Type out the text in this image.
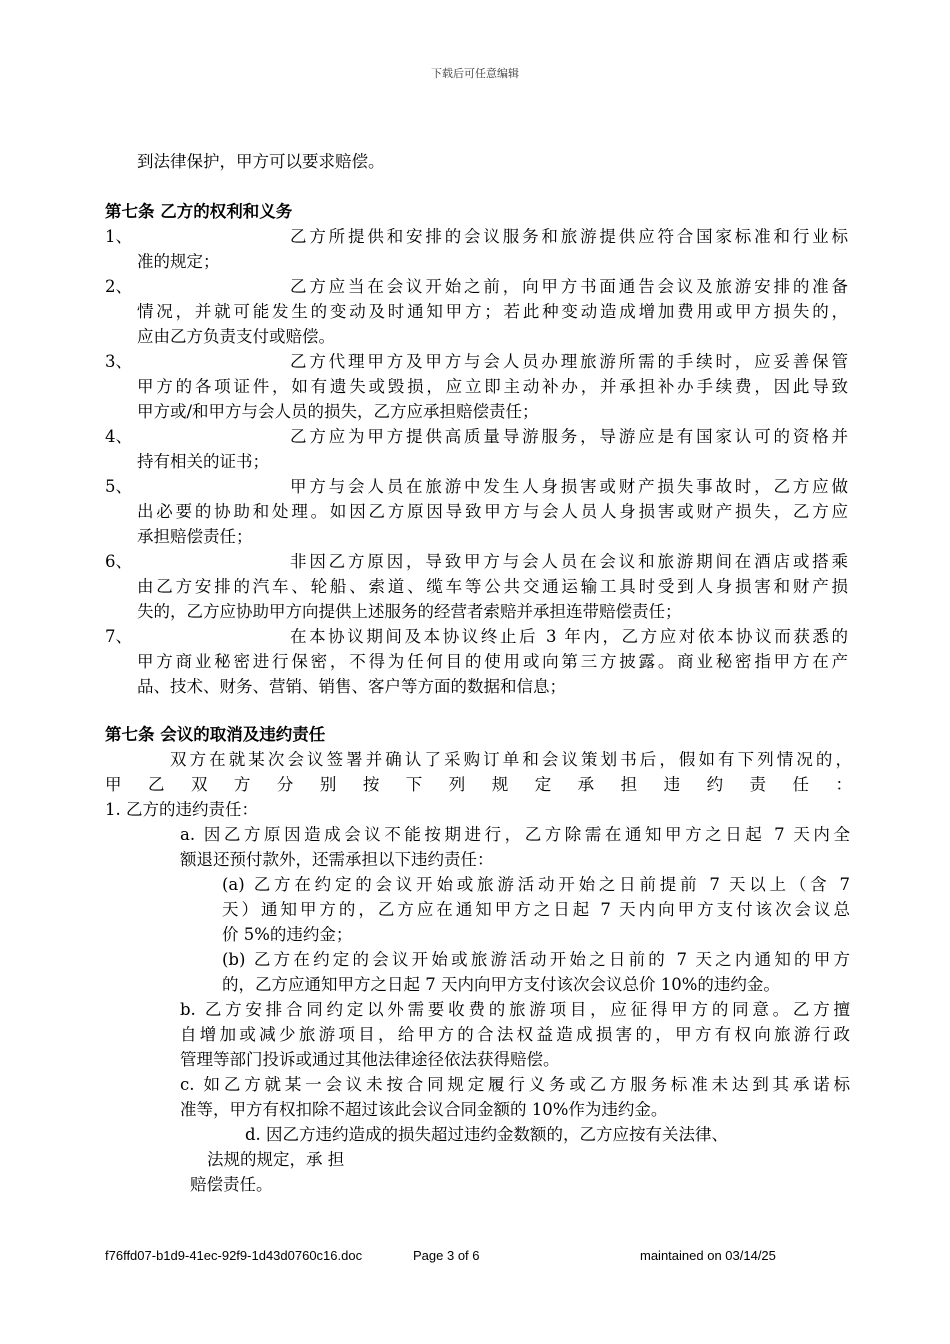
下载后可任意编辑
到法律保护，甲方可以要求赔偿。
第七条 乙方的权利和义务
1、	乙方所提供和安排的会议服务和旅游提供应符合国家标准和行业标
准的规定；
2、	乙方应当在会议开始之前，向甲方书面通告会议及旅游安排的准备
情况，并就可能发生的变动及时通知甲方；若此种变动造成增加费用或甲方损失的，
应由乙方负责支付或赔偿。
3、	乙方代理甲方及甲方与会人员办理旅游所需的手续时，应妥善保管
甲方的各项证件，如有遗失或毁损，应立即主动补办，并承担补办手续费，因此导致
甲方或/和甲方与会人员的损失，乙方应承担赔偿责任；
4、	乙方应为甲方提供高质量导游服务，导游应是有国家认可的资格并
持有相关的证书；
5、	甲方与会人员在旅游中发生人身损害或财产损失事故时，乙方应做
出必要的协助和处理。如因乙方原因导致甲方与会人员人身损害或财产损失，乙方应
承担赔偿责任；
6、	非因乙方原因，导致甲方与会人员在会议和旅游期间在酒店或搭乘
由乙方安排的汽车、轮船、索道、缆车等公共交通运输工具时受到人身损害和财产损
失的，乙方应协助甲方向提供上述服务的经营者索赔并承担连带赔偿责任；
7、	在本协议期间及本协议终止后 3 年内，乙方应对依本协议而获悉的
甲方商业秘密进行保密，不得为任何目的使用或向第三方披露。商业秘密指甲方在产
品、技术、财务、营销、销售、客户等方面的数据和信息；
第七条 会议的取消及违约责任
双方在就某次会议签署并确认了采购订单和会议策划书后，假如有下列情况的，
甲乙双方分别按下列规定承担违约责任：
1. 乙方的违约责任：
a. 因乙方原因造成会议不能按期进行，乙方除需在通知甲方之日起 7 天内全
额退还预付款外，还需承担以下违约责任：
(a) 乙方在约定的会议开始或旅游活动开始之日前提前 7 天以上（含 7
天）通知甲方的，乙方应在通知甲方之日起 7 天内向甲方支付该次会议总
价 5%的违约金；
(b) 乙方在约定的会议开始或旅游活动开始之日前的 7 天之内通知的甲方
的，乙方应通知甲方之日起 7 天内向甲方支付该次会议总价 10%的违约金。
b. 乙方安排合同约定以外需要收费的旅游项目，应征得甲方的同意。乙方擅
自增加或减少旅游项目，给甲方的合法权益造成损害的，甲方有权向旅游行政
管理等部门投诉或通过其他法律途径依法获得赔偿。
c. 如乙方就某一会议未按合同规定履行义务或乙方服务标准未达到其承诺标
准等，甲方有权扣除不超过该此会议合同金额的 10%作为违约金。
d. 因乙方违约造成的损失超过违约金数额的，乙方应按有关法律、
法规的规定，承 担
赔偿责任。
f76ffd07-b1d9-41ec-92f9-1d43d0760c16.doc	Page 3 of 6	maintained on 03/14/25
